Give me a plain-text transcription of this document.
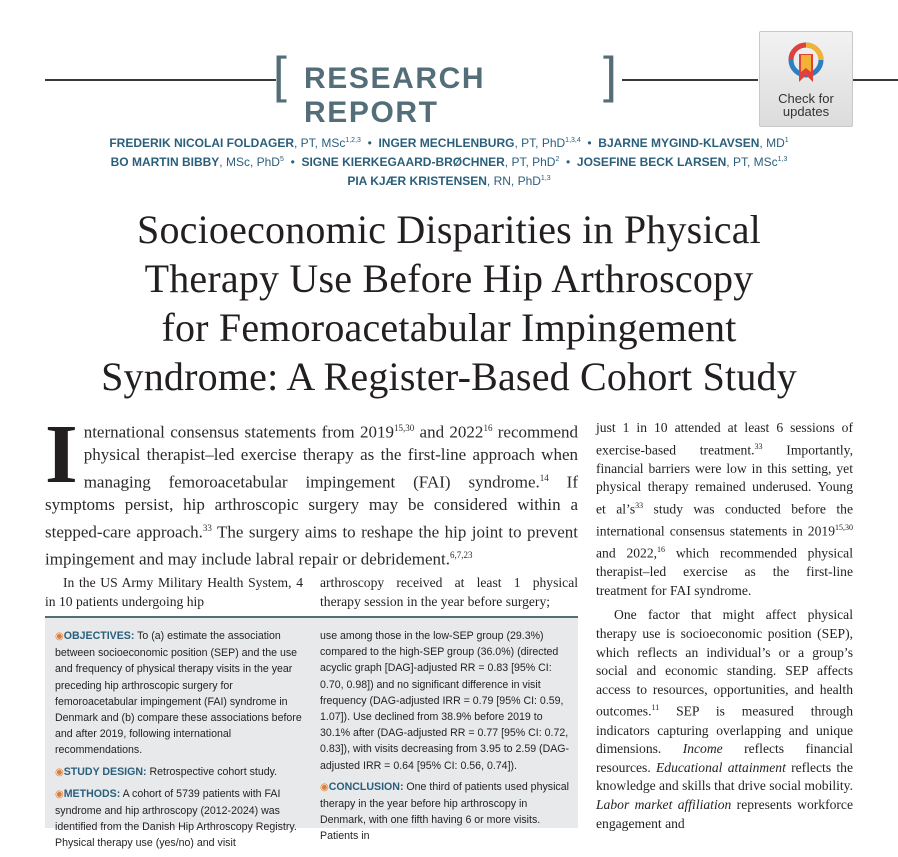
[ RESEARCH REPORT
]	Check for
updates
FREDERIK NICOLAI FOLDAGER, PT, MSc$^{1,2,3}$  •  INGER MECHLENBURG, PT, PhD$^{1,3,4}$  •  BJARNE MYGIND-KLAVSEN, $MD^1$
BO MARTIN BIBBY, MSc, PhD$^5$  •  SIGNE KIERKEGAARD-BRØCHNER, PT, PhD$^2$  •  JOSEFINE BECK LARSEN, PT, MSc$^{1,3}$
PIA KJÆR KRISTENSEN, RN, PhD$^{1,3}$
Socioeconomic Disparities in Physical
Therapy Use Before Hip Arthroscopy
for Femoroacetabular Impingement
Syndrome: A Register-Based Cohort Study
International consensus statements from 2019$^{15,30}$ and 2022$^{16}$ recommend physical therapist–led exercise therapy as the first-line approach when managing femoroacetabular impingement (FAI) syndrome.$^{14}$ If symptoms persist, hip arthroscopic surgery may be considered within a stepped-care approach.$^{33}$ The surgery aims to reshape the hip joint to prevent impingement and may include labral repair or debridement.$^{6,7,23}$
In the US Army Military Health System, 4 in 10 patients undergoing hip
arthroscopy received at least 1 physical therapy session in the year before surgery;

just 1 in 10 attended at least 6 sessions of exercise-based treatment.$^{33}$ Importantly, financial barriers were low in this setting, yet physical therapy remained underused. Young et $al’s^{33}$ study was conducted before the international consensus statements in 2019$^{15,30}$ and 2022,16 which recommended physical therapist–led exercise as the first-line treatment for FAI syndrome.

One factor that might affect physical therapy use is socioeconomic position (SEP), which reflects an individual’s or a group’s social and economic standing. SEP affects access to resources, opportunities, and health outcomes.$^{11}$ SEP is measured through indicators capturing overlapping and unique dimensions. Income reflects financial resources. Educational attainment reflects the knowledge and skills that drive social mobility. Labor market affiliation represents workforce engagement and

◉OBJECTIVES: To (a) estimate the association between socioeconomic position (SEP) and the use and frequency of physical therapy visits in the year preceding hip arthroscopic surgery for femoroacetabular impingement (FAI) syndrome in Denmark and (b) compare these associations before and after 2019, following international recommendations.

◉STUDY DESIGN: Retrospective cohort study.

◉METHODS: A cohort of 5739 patients with FAI syndrome and hip arthroscopy (2012-2024) was identified from the Danish Hip Arthroscopy Registry. Physical therapy use (yes/no) and visit

use among those in the low-SEP group (29.3%) compared to the high-SEP group (36.0%) (directed acyclic graph [DAG]-adjusted RR = 0.83 [95% CI: 0.70, 0.98]) and no significant difference in visit frequency (DAG-adjusted IRR = 0.79 [95% CI: 0.59, 1.07]). Use declined from 38.9% before 2019 to 30.1% after (DAG-adjusted RR = 0.77 [95% CI: 0.72, 0.83]), with visits decreasing from 3.95 to 2.59 (DAG-adjusted IRR = 0.64 [95% CI: 0.56, 0.74]).

◉CONCLUSION: One third of patients used physical therapy in the year before hip arthroscopy in Denmark, with one fifth having 6 or more visits. Patients in
